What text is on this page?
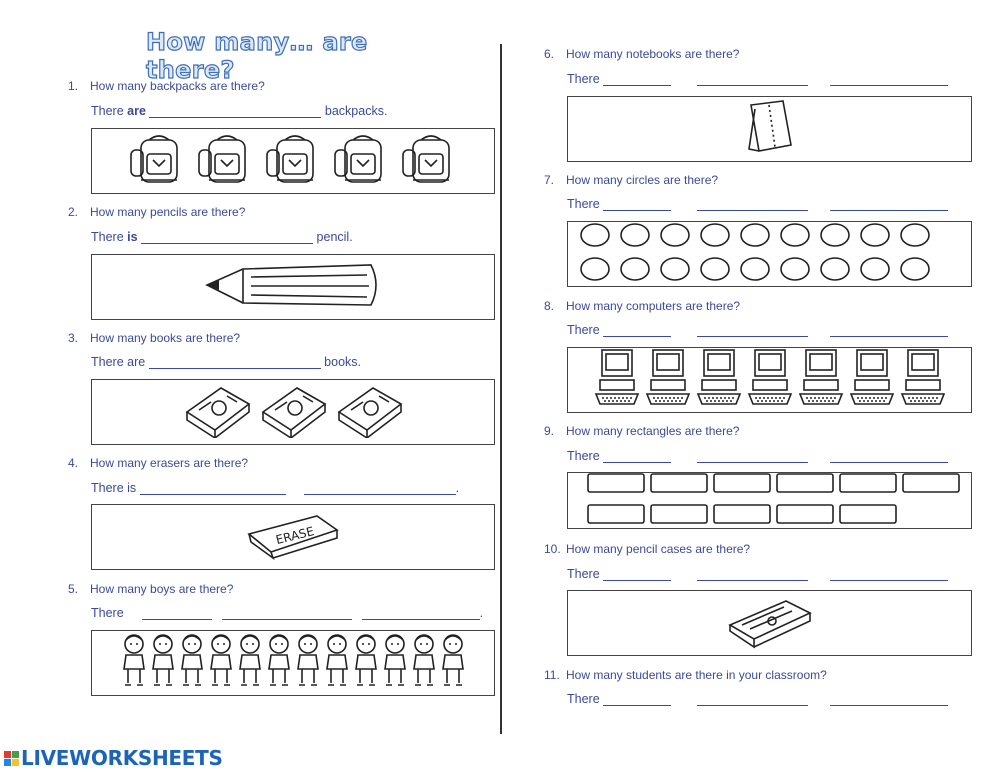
How many… are there?
1. How many backpacks are there?
There
are

	backpacks.
2. How many pencils are there?
There
is

	pencil.
3. How many books are there?
There are

	books.
4. How many erasers are there?
There is
	.
ERASE
5. How many boys are there?
There	.
6. How many notebooks are there?
There

7. How many circles are there?
There

8. How many computers are there?
There

9. How many rectangles are there?
There

10. How many pencil cases are there?
There

11. How many students are there in your classroom?
There

LIVEWORKSHEETS
